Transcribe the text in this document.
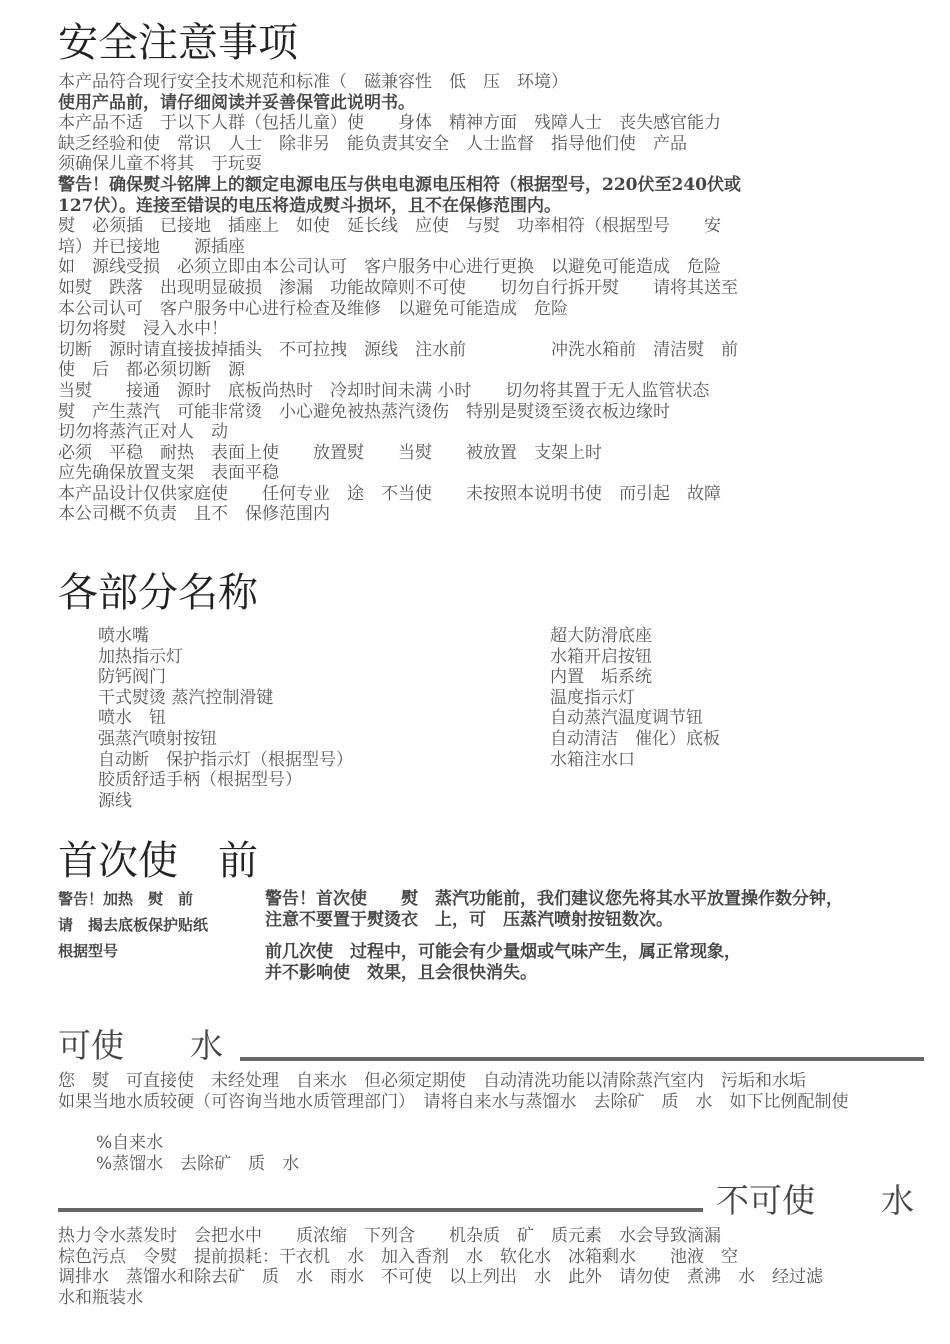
安全注意事项
本产品符合现行安全技术规范和标准（　磁兼容性　低　压　环境）
使用产品前，请仔细阅读并妥善保管此说明书。
本产品不适　于以下人群（包括儿童）使　　身体　精神方面　残障人士　丧失感官能力
缺乏经验和使　常识　人士　除非另　能负责其安全　人士监督　指导他们使　产品
须确保儿童不将其　于玩耍
警告！确保熨斗铭牌上的额定电源电压与供电电源电压相符（根据型号，220伏至240伏或
127伏）。连接至错误的电压将造成熨斗损坏，且不在保修范围内。
熨　必须插　已接地　插座上　如使　延长线　应使　与熨　功率相符（根据型号　　安
培）并已接地　　源插座
如　源线受损　必须立即由本公司认可　客户服务中心进行更换　以避免可能造成　危险
如熨　跌落　出现明显破损　渗漏　功能故障则不可使　　切勿自行拆开熨　　请将其送至
本公司认可　客户服务中心进行检查及维修　以避免可能造成　危险
切勿将熨　浸入水中！
切断　源时请直接拔掉插头　不可拉拽　源线　注水前　　　　　冲洗水箱前　清洁熨　前
使　后　都必须切断　源
当熨　　接通　源时　底板尚热时　冷却时间未满 小时　　切勿将其置于无人监管状态
熨　产生蒸汽　可能非常烫　小心避免被热蒸汽烫伤　特别是熨烫至烫衣板边缘时
切勿将蒸汽正对人　动
必须　平稳　耐热　表面上使　　放置熨　　当熨　　被放置　支架上时
应先确保放置支架　表面平稳
本产品设计仅供家庭使　　任何专业　途　不当使　　未按照本说明书使　而引起　故障
本公司概不负责　且不　保修范围内
各部分名称
喷水嘴
加热指示灯
防钙阀门
干式熨烫 蒸汽控制滑键
喷水　钮
强蒸汽喷射按钮
自动断　保护指示灯（根据型号）
胶质舒适手柄（根据型号）
源线
超大防滑底座
水箱开启按钮
内置　垢系统
温度指示灯
自动蒸汽温度调节钮
自动清洁　催化）底板
水箱注水口
首次使　前
警告！加热　熨　前
请　揭去底板保护贴纸
根据型号
警告！首次使　　熨　蒸汽功能前，我们建议您先将其水平放置操作数分钟，
注意不要置于熨烫衣　上，可　压蒸汽喷射按钮数次。
前几次使　过程中，可能会有少量烟或气味产生，属正常现象，
并不影响使　效果，且会很快消失。
可使　　水
您　熨　可直接使　未经处理　自来水　但必须定期使　自动清洗功能以清除蒸汽室内　污垢和水垢
如果当地水质较硬（可咨询当地水质管理部门）　请将自来水与蒸馏水　去除矿　质　水　如下比例配制使
%自来水
%蒸馏水　去除矿　质　水
不可使　　水
热力令水蒸发时　会把水中　　质浓缩　下列含　　机杂质　矿　质元素　水会导致滴漏
棕色污点　令熨　提前损耗：干衣机　水　加入香剂　水　软化水　冰箱剩水　　池液　空
调排水　蒸馏水和除去矿　质　水　雨水　不可使　以上列出　水　此外　请勿使　煮沸　水　经过滤
水和瓶装水
